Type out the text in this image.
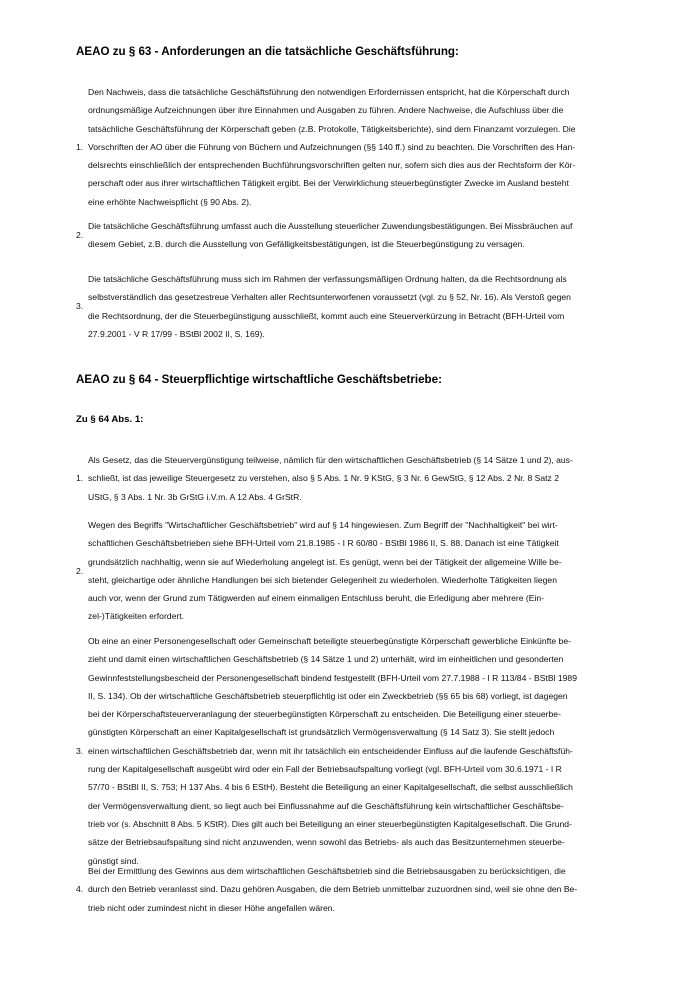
AEAO zu § 63 - Anforderungen an die tatsächliche Geschäftsführung:
1.

Den Nachweis, dass die tatsächliche Geschäftsführung den notwendigen Erfordernissen entspricht, hat die Körperschaft durch
ordnungsmäßige Aufzeichnungen über ihre Einnahmen und Ausgaben zu führen. Andere Nachweise, die Aufschluss über die
tatsächliche Geschäftsführung der Körperschaft geben (z.B. Protokolle, Tätigkeitsberichte), sind dem Finanzamt vorzulegen. Die
Vorschriften der AO über die Führung von Büchern und Aufzeichnungen (§§ 140 ff.) sind zu beachten. Die Vorschriften des Han-
delsrechts einschließlich der entsprechenden Buchführungsvorschriften gelten nur, sofern sich dies aus der Rechtsform der Kör-
perschaft oder aus ihrer wirtschaftlichen Tätigkeit ergibt. Bei der Verwirklichung steuerbegünstigter Zwecke im Ausland besteht
eine erhöhte Nachweispflicht (§ 90 Abs. 2).

2.

Die tatsächliche Geschäftsführung umfasst auch die Ausstellung steuerlicher Zuwendungsbestätigungen. Bei Missbräuchen auf
diesem Gebiet, z.B. durch die Ausstellung von Gefälligkeitsbestätigungen, ist die Steuerbegünstigung zu versagen.

3.

Die tatsächliche Geschäftsführung muss sich im Rahmen der verfassungsmäßigen Ordnung halten, da die Rechtsordnung als
selbstverständlich das gesetzestreue Verhalten aller Rechtsunterworfenen voraussetzt (vgl. zu § 52, Nr. 16). Als Verstoß gegen
die Rechtsordnung, der die Steuerbegünstigung ausschließt, kommt auch eine Steuerverkürzung in Betracht (BFH-Urteil vom
27.9.2001 - V R 17/99 - BStBl 2002 II, S. 169).

AEAO zu § 64 - Steuerpflichtige wirtschaftliche Geschäftsbetriebe:
Zu § 64 Abs. 1:
1.

Als Gesetz, das die Steuervergünstigung teilweise, nämlich für den wirtschaftlichen Geschäftsbetrieb (§ 14 Sätze 1 und 2), aus-
schließt, ist das jeweilige Steuergesetz zu verstehen, also § 5 Abs. 1 Nr. 9 KStG, § 3 Nr. 6 GewStG, § 12 Abs. 2 Nr. 8 Satz 2
UStG, § 3 Abs. 1 Nr. 3b GrStG i.V.m. A 12 Abs. 4 GrStR.

2.

Wegen des Begriffs "Wirtschaftlicher Geschäftsbetrieb" wird auf § 14 hingewiesen. Zum Begriff der "Nachhaltigkeit" bei wirt-
schaftlichen Geschäftsbetrieben siehe BFH-Urteil vom 21.8.1985 - I R 60/80 - BStBl 1986 II, S. 88. Danach ist eine Tätigkeit
grundsätzlich nachhaltig, wenn sie auf Wiederholung angelegt ist. Es genügt, wenn bei der Tätigkeit der allgemeine Wille be-
steht, gleichartige oder ähnliche Handlungen bei sich bietender Gelegenheit zu wiederholen. Wiederholte Tätigkeiten liegen
auch vor, wenn der Grund zum Tätigwerden auf einem einmaligen Entschluss beruht, die Erledigung aber mehrere (Ein-
zel-)Tätigkeiten erfordert.

3.

Ob eine an einer Personengesellschaft oder Gemeinschaft beteiligte steuerbegünstigte Körperschaft gewerbliche Einkünfte be-
zieht und damit einen wirtschaftlichen Geschäftsbetrieb (§ 14 Sätze 1 und 2) unterhält, wird im einheitlichen und gesonderten
Gewinnfeststellungsbescheid der Personengesellschaft bindend festgestellt (BFH-Urteil vom 27.7.1988 - I R 113/84 - BStBl 1989
II, S. 134). Ob der wirtschaftliche Geschäftsbetrieb steuerpflichtig ist oder ein Zweckbetrieb (§§ 65 bis 68) vorliegt, ist dagegen
bei der Körperschaftsteuerveranlagung der steuerbegünstigten Körperschaft zu entscheiden. Die Beteiligung einer steuerbe-
günstigten Körperschaft an einer Kapitalgesellschaft ist grundsätzlich Vermögensverwaltung (§ 14 Satz 3). Sie stellt jedoch
einen wirtschaftlichen Geschäftsbetrieb dar, wenn mit ihr tatsächlich ein entscheidender Einfluss auf die laufende Geschäftsfüh-
rung der Kapitalgesellschaft ausgeübt wird oder ein Fall der Betriebsaufspaltung vorliegt (vgl. BFH-Urteil vom 30.6.1971 - I R
57/70 - BStBl II, S. 753; H 137 Abs. 4 bis 6 EStH). Besteht die Beteiligung an einer Kapitalgesellschaft, die selbst ausschließlich
der Vermögensverwaltung dient, so liegt auch bei Einflussnahme auf die Geschäftsführung kein wirtschaftlicher Geschäftsbe-
trieb vor (s. Abschnitt 8 Abs. 5 KStR). Dies gilt auch bei Beteiligung an einer steuerbegünstigten Kapitalgesellschaft. Die Grund-
sätze der Betriebsaufspaltung sind nicht anzuwenden, wenn sowohl das Betriebs- als auch das Besitzunternehmen steuerbe-
günstigt sind.

4.

Bei der Ermittlung des Gewinns aus dem wirtschaftlichen Geschäftsbetrieb sind die Betriebsausgaben zu berücksichtigen, die
durch den Betrieb veranlasst sind. Dazu gehören Ausgaben, die dem Betrieb unmittelbar zuzuordnen sind, weil sie ohne den Be-
trieb nicht oder zumindest nicht in dieser Höhe angefallen wären.
